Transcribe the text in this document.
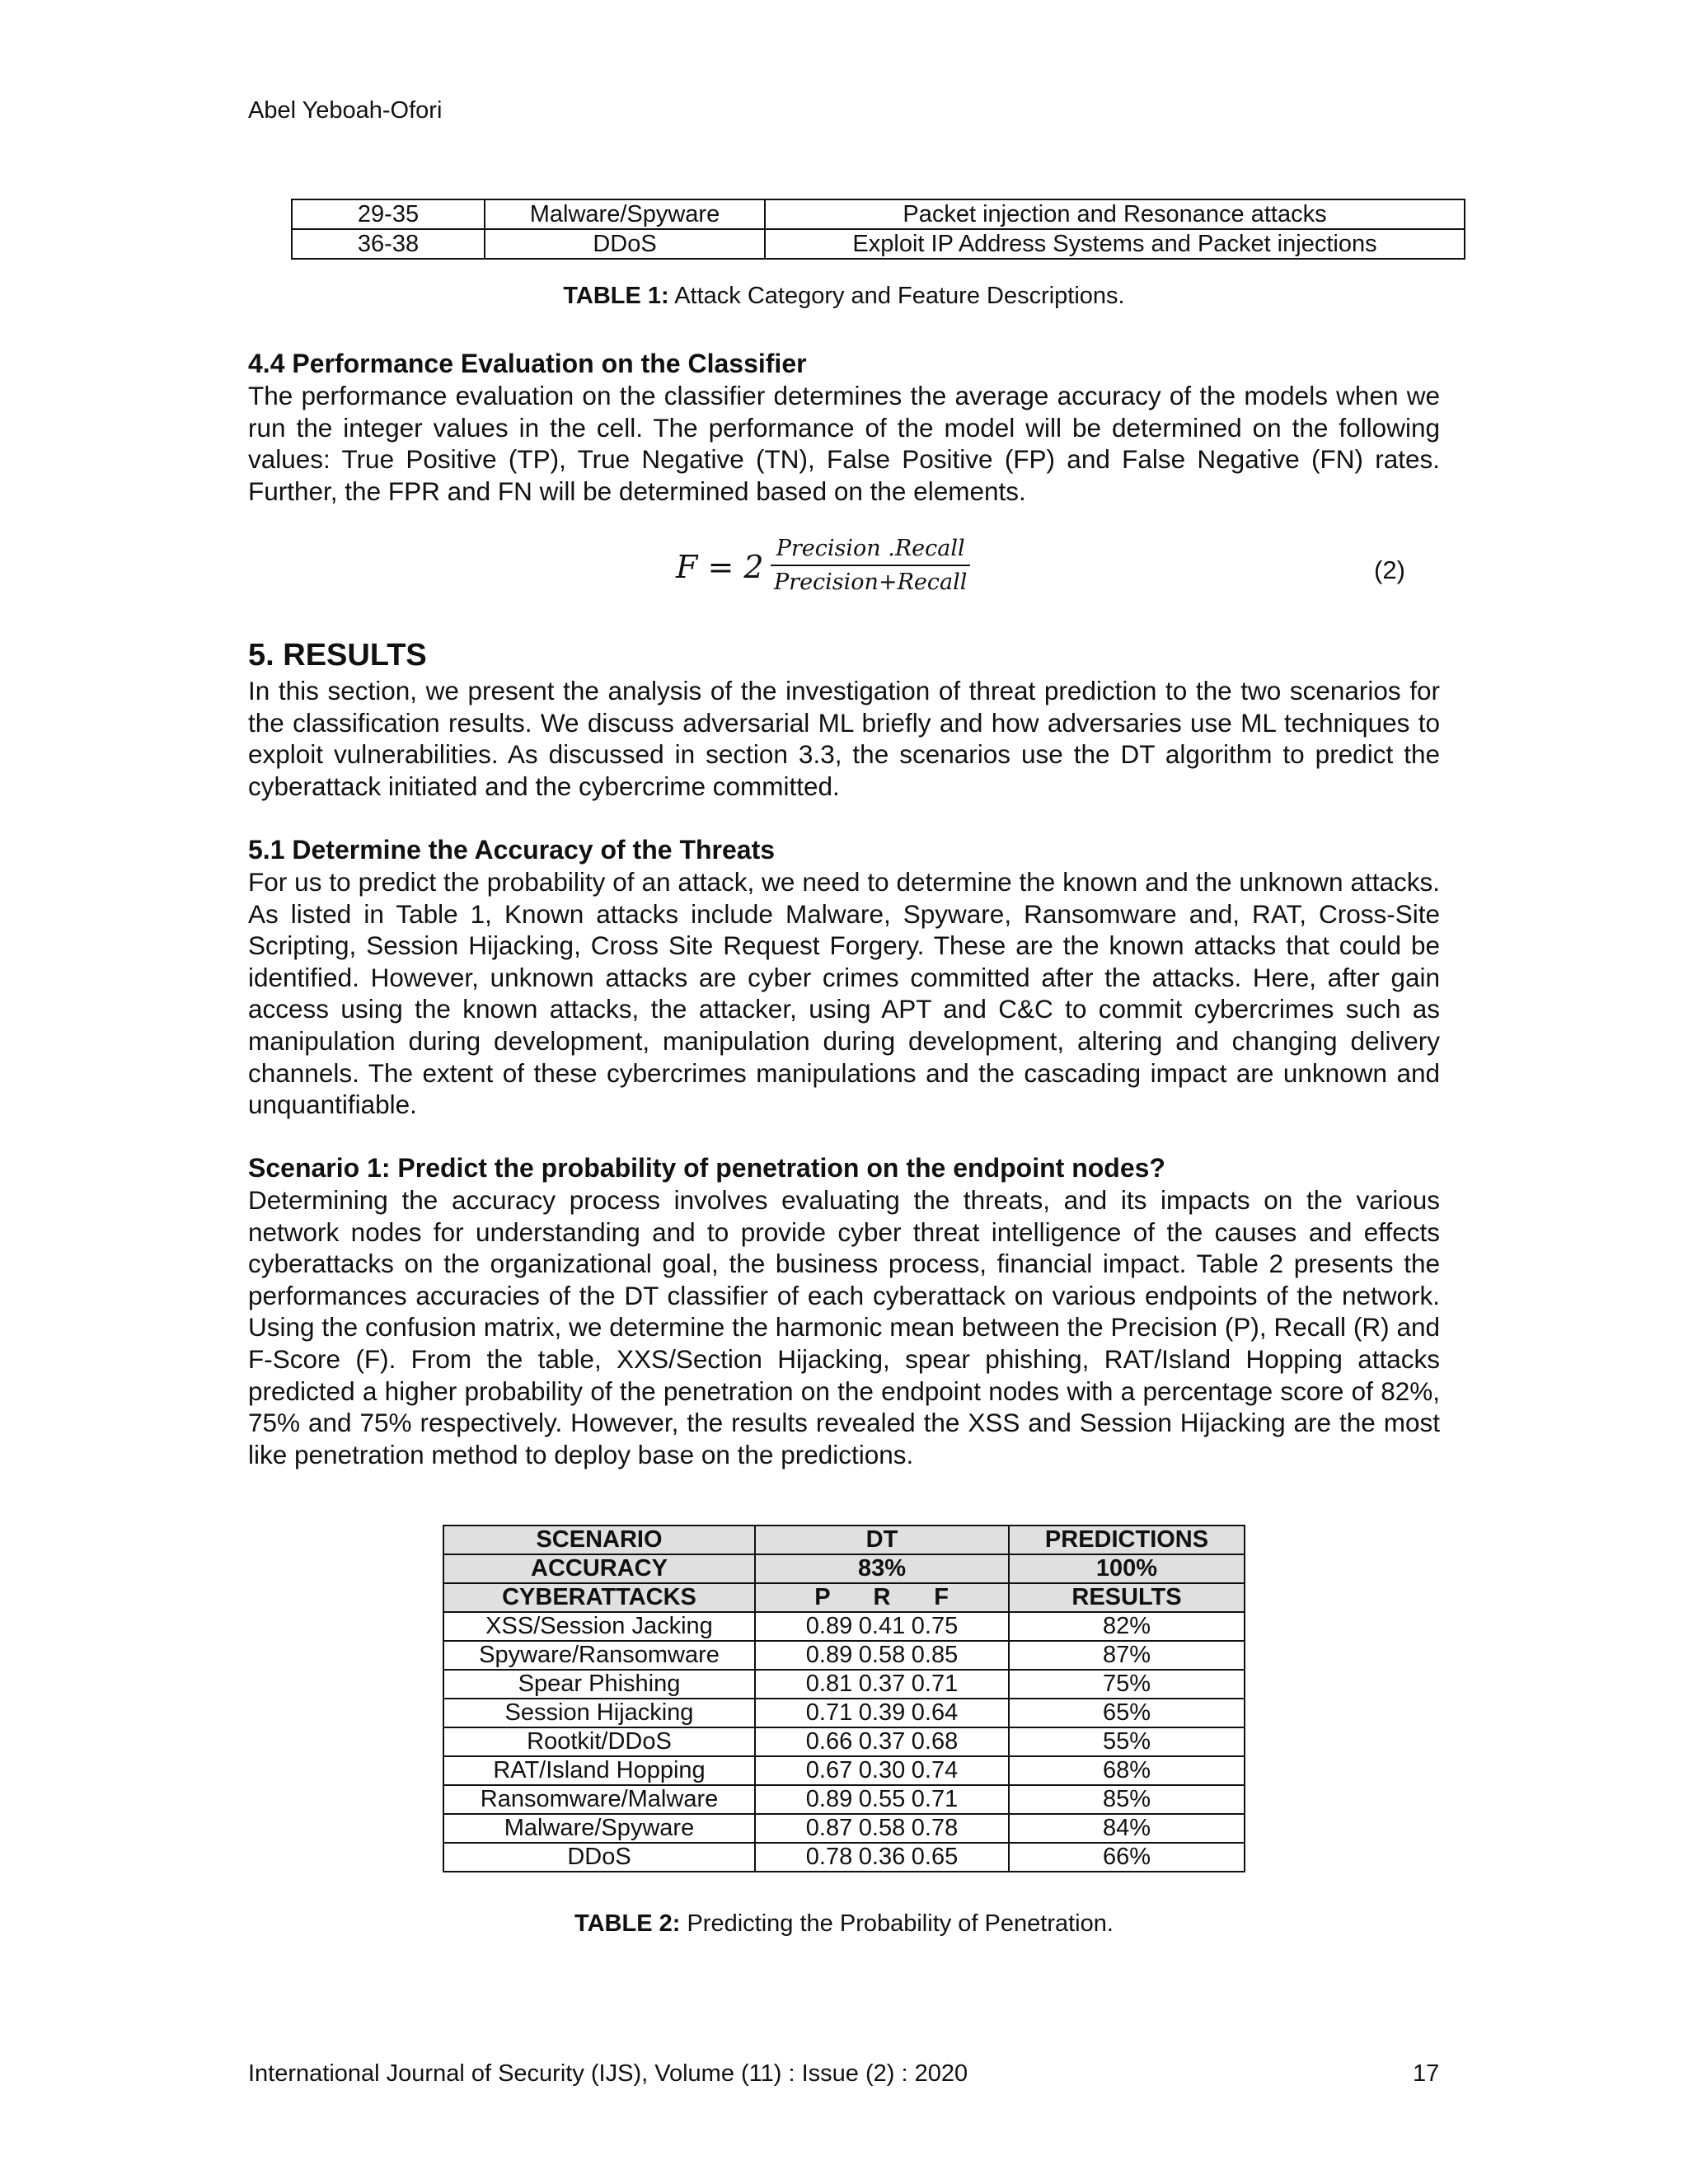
Abel Yeboah-Ofori
29-35	Malware/Spyware	Packet injection and Resonance attacks
36-38	DDoS	Exploit IP Address Systems and Packet injections
TABLE 1: Attack Category and Feature Descriptions.
4.4 Performance Evaluation on the Classifier
The performance evaluation on the classifier determines the average accuracy of the models when we run the integer values in the cell. The performance of the model will be determined on the following values: True Positive (TP), True Negative (TN), False Positive (FP) and False Negative (FN) rates. Further, the FPR and FN will be determined based on the elements.
F = 2
Precision .Recall
Precision+Recall	(2)
5. RESULTS
In this section, we present the analysis of the investigation of threat prediction to the two scenarios for the classification results. We discuss adversarial ML briefly and how adversaries use ML techniques to exploit vulnerabilities. As discussed in section 3.3, the scenarios use the DT algorithm to predict the cyberattack initiated and the cybercrime committed.
5.1 Determine the Accuracy of the Threats
For us to predict the probability of an attack, we need to determine the known and the unknown attacks. As listed in Table 1, Known attacks include Malware, Spyware, Ransomware and, RAT, Cross-Site Scripting, Session Hijacking, Cross Site Request Forgery. These are the known attacks that could be identified. However, unknown attacks are cyber crimes committed after the attacks. Here, after gain access using the known attacks, the attacker, using APT and C&C to commit cybercrimes such as manipulation during development, manipulation during development, altering and changing delivery channels. The extent of these cybercrimes manipulations and the cascading impact are unknown and unquantifiable.
Scenario 1: Predict the probability of penetration on the endpoint nodes?
Determining the accuracy process involves evaluating the threats, and its impacts on the various network nodes for understanding and to provide cyber threat intelligence of the causes and effects cyberattacks on the organizational goal, the business process, financial impact. Table 2 presents the performances accuracies of the DT classifier of each cyberattack on various endpoints of the network. Using the confusion matrix, we determine the harmonic mean between the Precision (P), Recall (R) and F-Score (F). From the table, XXS/Section Hijacking, spear phishing, RAT/Island Hopping attacks predicted a higher probability of the penetration on the endpoint nodes with a percentage score of 82%, 75% and 75% respectively. However, the results revealed the XSS and Session Hijacking are the most like penetration method to deploy base on the predictions.
SCENARIO	DT	PREDICTIONS
ACCURACY	83%	100%
CYBERATTACKS	P R F	RESULTS
XSS/Session Jacking	0.89 0.41 0.75	82%
Spyware/Ransomware	0.89 0.58 0.85	87%
Spear Phishing	0.81 0.37 0.71	75%
Session Hijacking	0.71 0.39 0.64	65%
Rootkit/DDoS	0.66 0.37 0.68	55%
RAT/Island Hopping	0.67 0.30 0.74	68%
Ransomware/Malware	0.89 0.55 0.71	85%
Malware/Spyware	0.87 0.58 0.78	84%
DDoS	0.78 0.36 0.65	66%
TABLE 2: Predicting the Probability of Penetration.
International Journal of Security (IJS), Volume (11) : Issue (2) : 2020	17
